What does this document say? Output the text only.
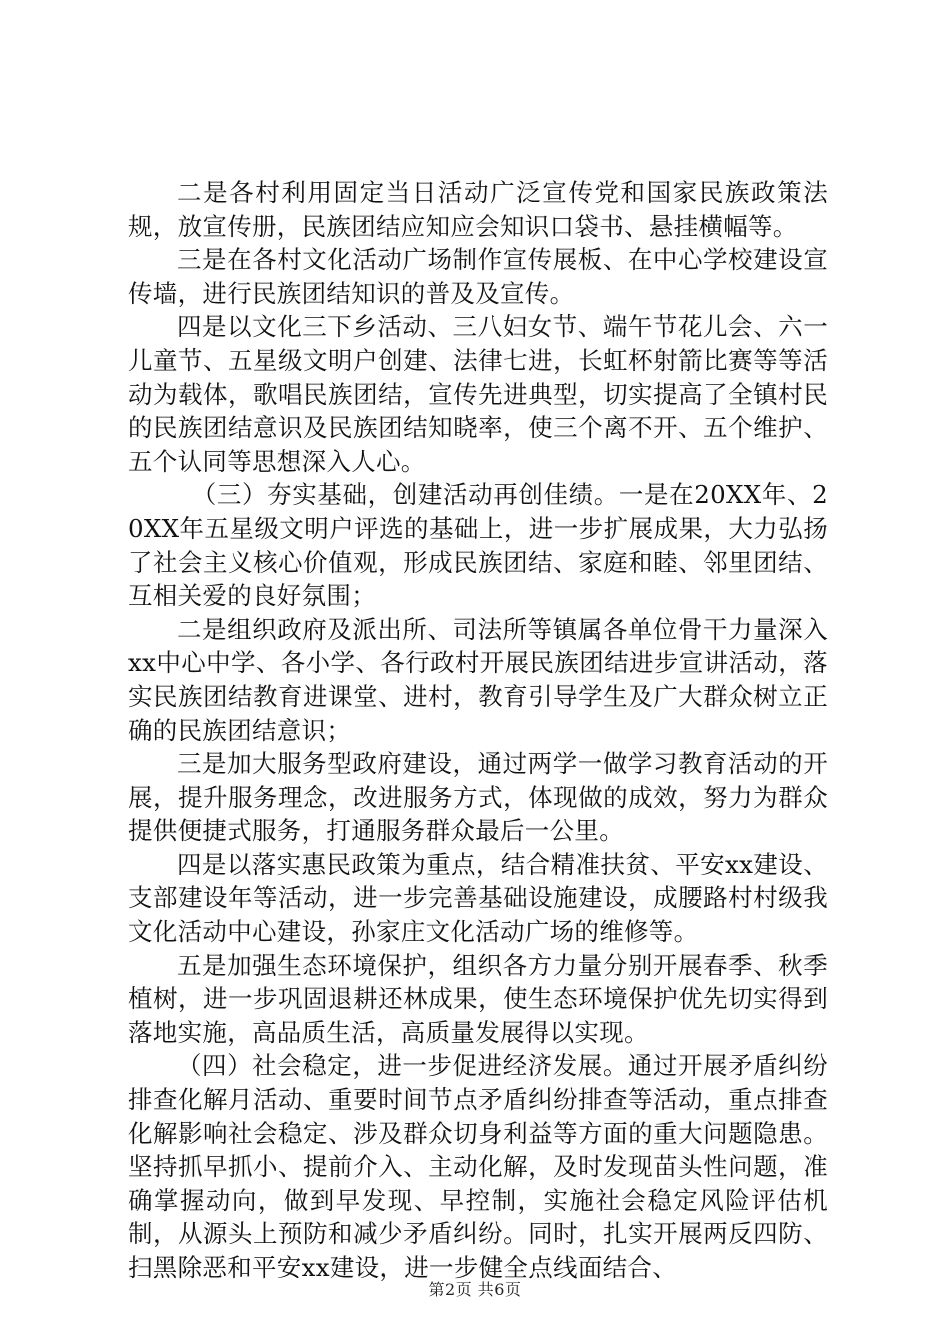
二是各村利用固定当日活动广泛宣传党和国家民族政策法规，放宣传册，民族团结应知应会知识口袋书、悬挂横幅等。

三是在各村文化活动广场制作宣传展板、在中心学校建设宣传墙，进行民族团结知识的普及及宣传。

四是以文化三下乡活动、三八妇女节、端午节花儿会、六一儿童节、五星级文明户创建、法律七进，长虹杯射箭比赛等等活动为载体，歌唱民族团结，宣传先进典型，切实提高了全镇村民的民族团结意识及民族团结知晓率，使三个离不开、五个维护、五个认同等思想深入人心。

（三）夯实基础，创建活动再创佳绩。一是在20XX年、20XX年五星级文明户评选的基础上，进一步扩展成果，大力弘扬了社会主义核心价值观，形成民族团结、家庭和睦、邻里团结、互相关爱的良好氛围；

二是组织政府及派出所、司法所等镇属各单位骨干力量深入xx中心中学、各小学、各行政村开展民族团结进步宣讲活动，落实民族团结教育进课堂、进村，教育引导学生及广大群众树立正确的民族团结意识；

三是加大服务型政府建设，通过两学一做学习教育活动的开展，提升服务理念，改进服务方式，体现做的成效，努力为群众提供便捷式服务，打通服务群众最后一公里。

四是以落实惠民政策为重点，结合精准扶贫、平安xx建设、支部建设年等活动，进一步完善基础设施建设，成腰路村村级我文化活动中心建设，孙家庄文化活动广场的维修等。

五是加强生态环境保护，组织各方力量分别开展春季、秋季植树，进一步巩固退耕还林成果，使生态环境保护优先切实得到落地实施，高品质生活，高质量发展得以实现。

（四）社会稳定，进一步促进经济发展。通过开展矛盾纠纷排查化解月活动、重要时间节点矛盾纠纷排查等活动，重点排查化解影响社会稳定、涉及群众切身利益等方面的重大问题隐患。坚持抓早抓小、提前介入、主动化解，及时发现苗头性问题，准确掌握动向，做到早发现、早控制，实施社会稳定风险评估机制，从源头上预防和减少矛盾纠纷。同时，扎实开展两反四防、扫黑除恶和平安xx建设，进一步健全点线面结合、

第2页 共6页
